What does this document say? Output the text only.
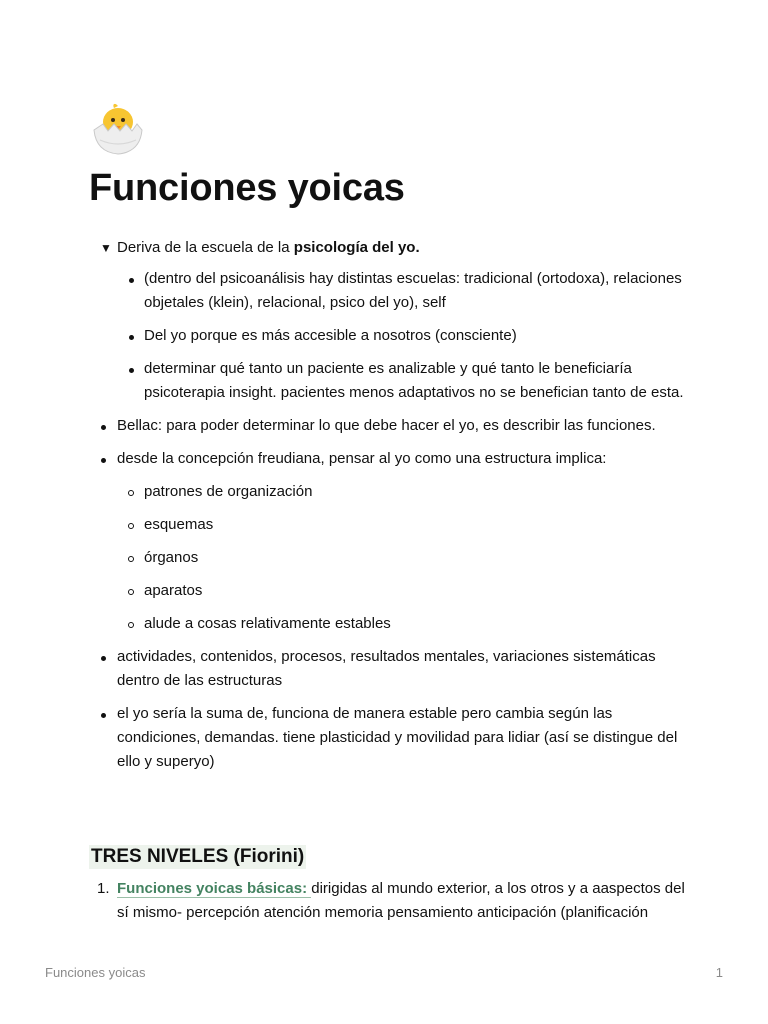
Funciones yoicas
▼ Deriva de la escuela de la psicología del yo.
(dentro del psicoanálisis hay distintas escuelas: tradicional (ortodoxa), relaciones objetales (klein), relacional, psico del yo), self
Del yo porque es más accesible a nosotros (consciente)
determinar qué tanto un paciente es analizable y qué tanto le beneficiaría psicoterapia insight. pacientes menos adaptativos no se benefician tanto de esta.
Bellac: para poder determinar lo que debe hacer el yo, es describir las funciones.
desde la concepción freudiana, pensar al yo como una estructura implica:
patrones de organización
esquemas
órganos
aparatos
alude a cosas relativamente estables
actividades, contenidos, procesos, resultados mentales, variaciones sistemáticas dentro de las estructuras
el yo sería la suma de, funciona de manera estable pero cambia según las condiciones, demandas. tiene plasticidad y movilidad para lidiar (así se distingue del ello y superyo)
TRES NIVELES (Fiorini)
1. Funciones yoicas básicas: dirigidas al mundo exterior, a los otros y a aaspectos del sí mismo- percepción atención memoria pensamiento anticipación (planificación
Funciones yoicas	1
